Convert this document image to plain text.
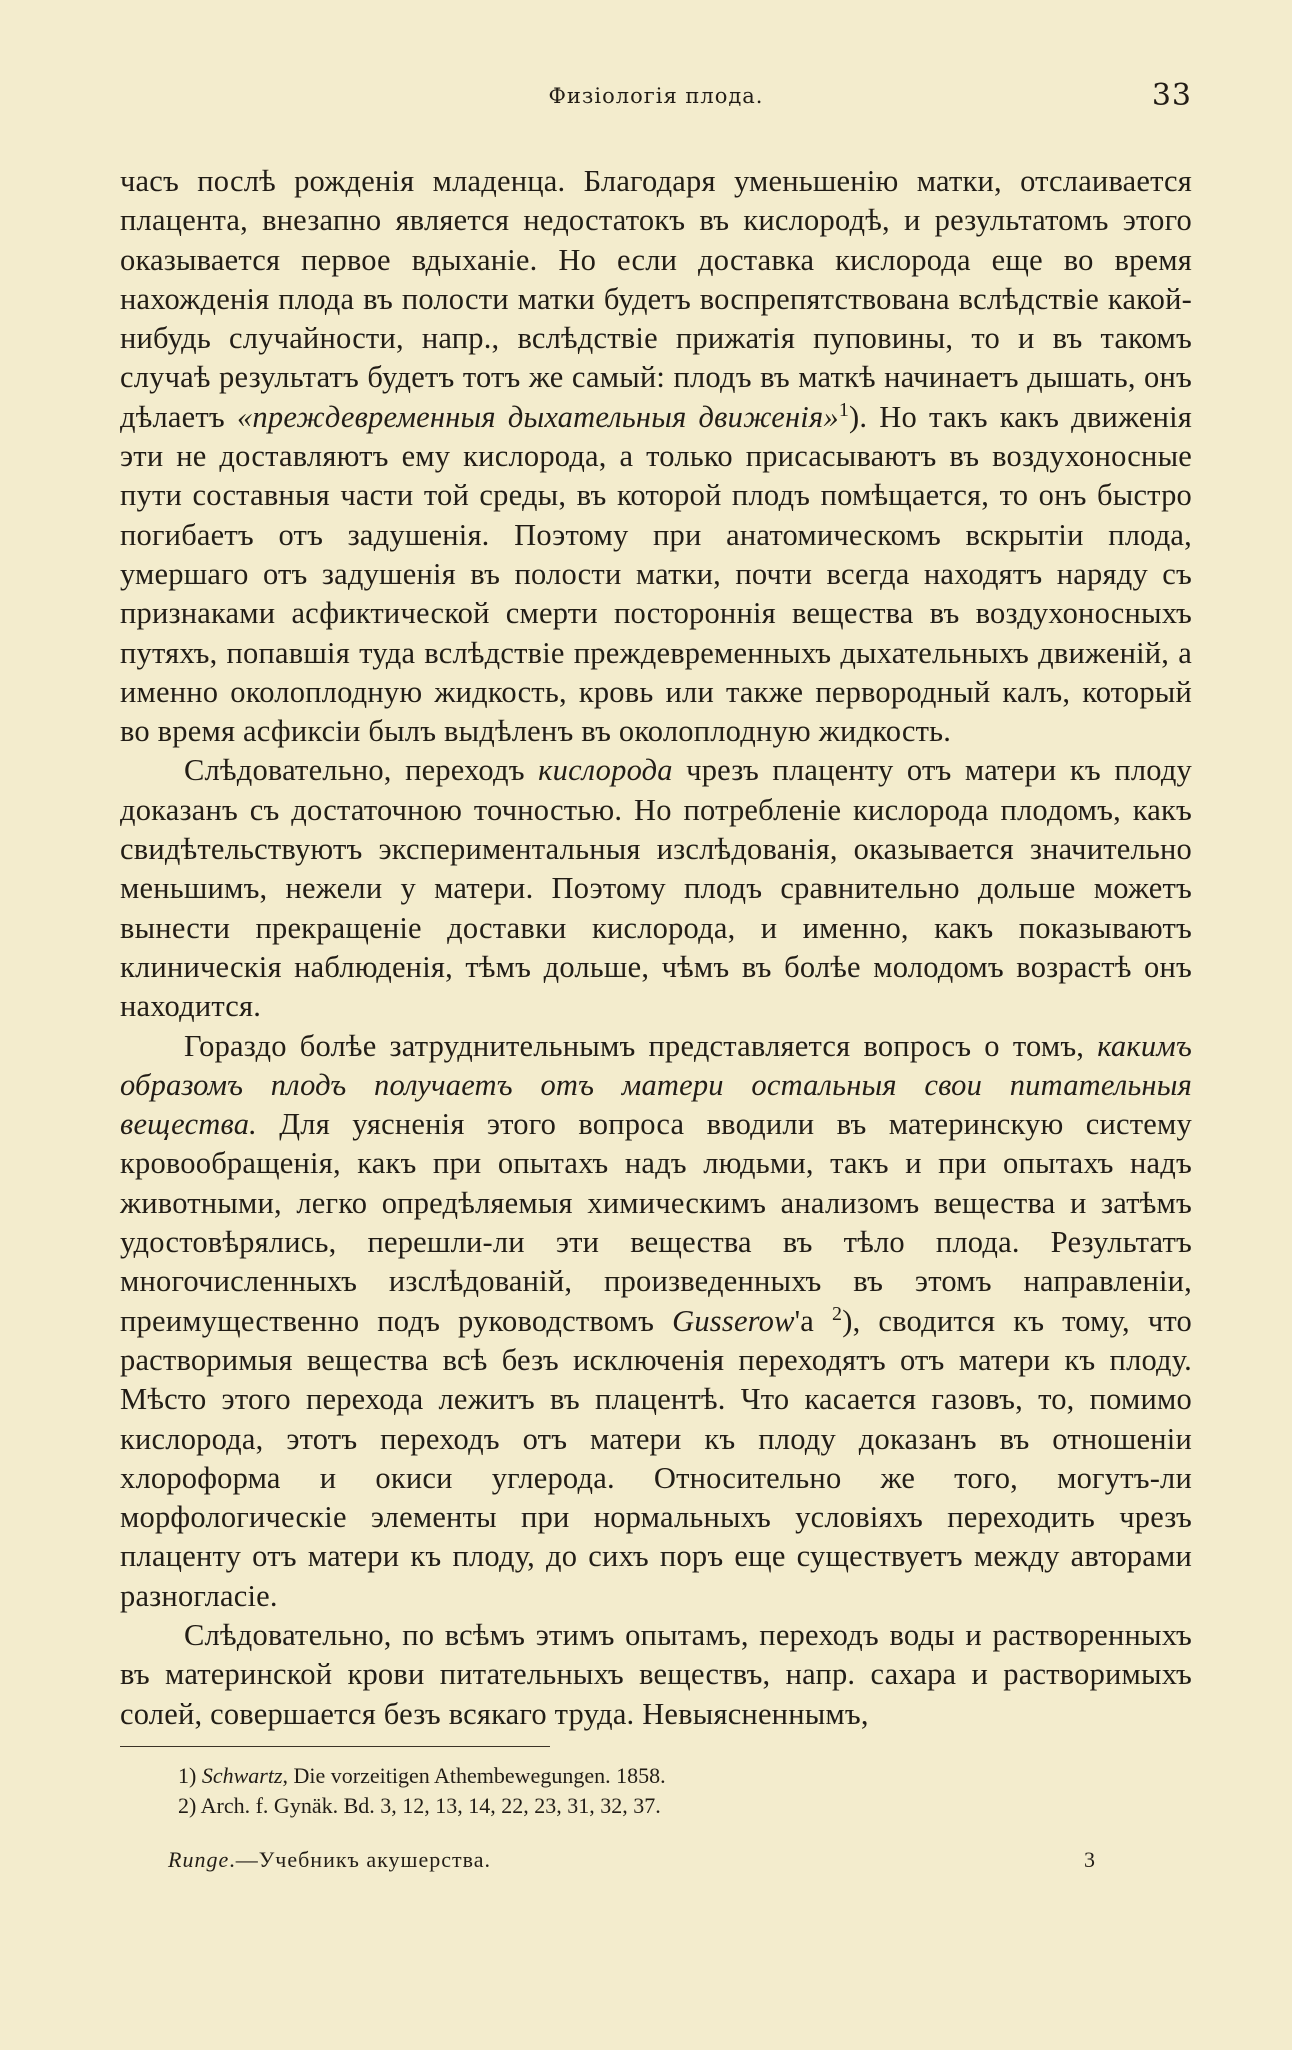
Физiологiя плода.	33

часъ послѣ рожденiя младенца. Благодаря уменьшенiю матки, отслаивается плацента, внезапно является недостатокъ въ кислородѣ, и результатомъ этого оказывается первое вдыханiе. Но если доставка кислорода еще во время нахожденiя плода въ полости матки будетъ воспрепятствована вслѣдствiе какой-нибудь случайности, напр., вслѣдствiе прижатiя пуповины, то и въ такомъ случаѣ результатъ будетъ тотъ же самый: плодъ въ маткѣ начинаетъ дышать, онъ дѣлаетъ «преждевременныя дыхательныя движенiя»$^1$). Но такъ какъ движенiя эти не доставляютъ ему кислорода, а только присасываютъ въ воздухоносные пути составныя части той среды, въ которой плодъ помѣщается, то онъ быстро погибаетъ отъ задушенiя. Поэтому при анатомическомъ вскрытiи плода, умершаго отъ задушенiя въ полости матки, почти всегда находятъ наряду съ признаками асфиктической смерти постороннiя вещества въ воздухоносныхъ путяхъ, попавшiя туда вслѣдствiе преждевременныхъ дыхательныхъ движенiй, а именно околоплодную жидкость, кровь или также первородный калъ, который во время асфиксiи былъ выдѣленъ въ околоплодную жидкость.

Слѣдовательно, переходъ кислорода чрезъ плаценту отъ матери къ плоду доказанъ съ достаточною точностью. Но потребленiе кислорода плодомъ, какъ свидѣтельствуютъ экспериментальныя изслѣдованiя, оказывается значительно меньшимъ, нежели у матери. Поэтому плодъ сравнительно дольше можетъ вынести прекращенiе доставки кислорода, и именно, какъ показываютъ клиническiя наблюденiя, тѣмъ дольше, чѣмъ въ болѣе молодомъ возрастѣ онъ находится.

Гораздо болѣе затруднительнымъ представляется вопросъ о томъ, какимъ образомъ плодъ получаетъ отъ матери остальныя свои питательныя вещества. Для уясненiя этого вопроса вводили въ материнскую систему кровообращенiя, какъ при опытахъ надъ людьми, такъ и при опытахъ надъ животными, легко опредѣляемыя химическимъ анализомъ вещества и затѣмъ удостовѣрялись, перешли-ли эти вещества въ тѣло плода. Результатъ многочисленныхъ изслѣдованiй, произведенныхъ въ этомъ направленiи, преимущественно подъ руководствомъ Gusserow'а $^2$), сводится къ тому, что растворимыя вещества всѣ безъ исключенiя переходятъ отъ матери къ плоду. Мѣсто этого перехода лежитъ въ плацентѣ. Что касается газовъ, то, помимо кислорода, этотъ переходъ отъ матери къ плоду доказанъ въ отношенiи хлороформа и окиси углерода. Относительно же того, могутъ-ли морфологическiе элементы при нормальныхъ условiяхъ переходить чрезъ плаценту отъ матери къ плоду, до сихъ поръ еще существуетъ между авторами разногласiе.

Слѣдовательно, по всѣмъ этимъ опытамъ, переходъ воды и растворенныхъ въ материнской крови питательныхъ веществъ, напр. сахара и растворимыхъ солей, совершается безъ всякаго труда. Невыясненнымъ,

1) Schwartz, Die vorzeitigen Athembewegungen. 1858.
2) Arch. f. Gynäk. Bd. 3, 12, 13, 14, 22, 23, 31, 32, 37.
Runge.—Учебникъ акушерства.	3
